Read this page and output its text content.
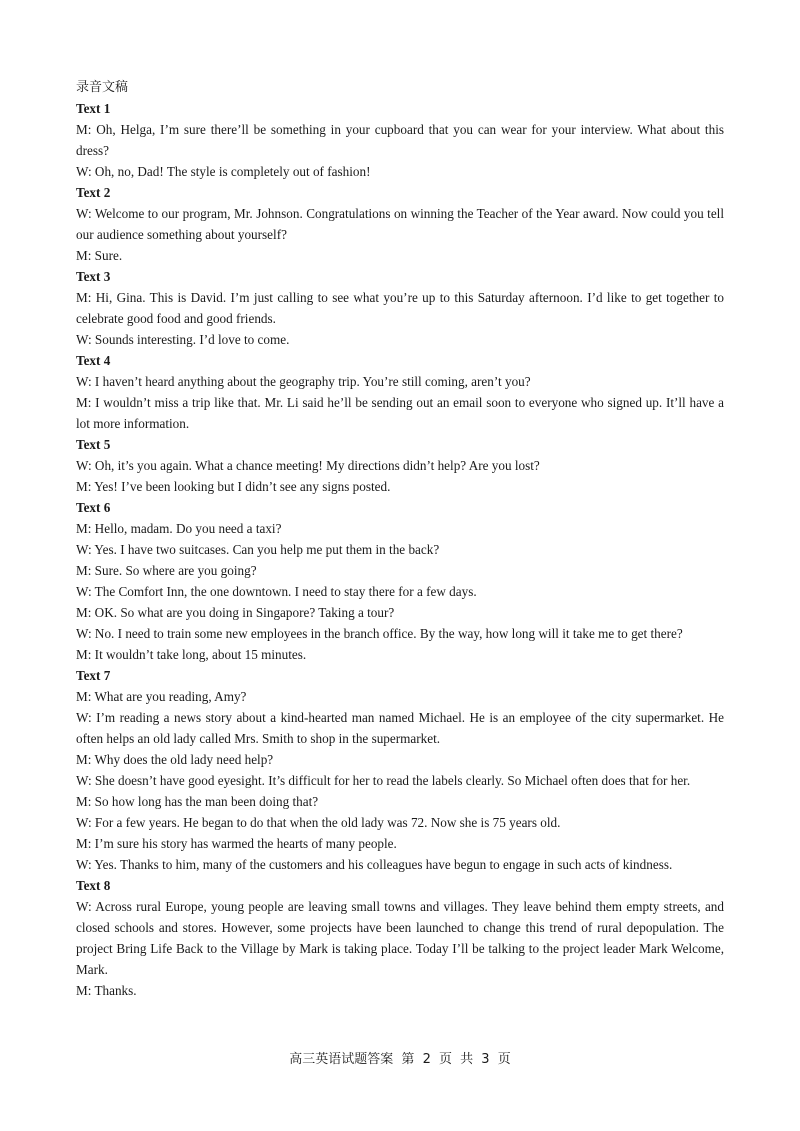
录音文稿

Text 1

M: Oh, Helga, I’m sure there’ll be something in your cupboard that you can wear for your interview. What about this dress?

W: Oh, no, Dad! The style is completely out of fashion!

Text 2

W: Welcome to our program, Mr. Johnson. Congratulations on winning the Teacher of the Year award. Now could you tell our audience something about yourself?

M: Sure.

Text 3

M: Hi, Gina. This is David. I’m just calling to see what you’re up to this Saturday afternoon. I’d like to get together to celebrate good food and good friends.

W: Sounds interesting. I’d love to come.

Text 4

W: I haven’t heard anything about the geography trip. You’re still coming, aren’t you?

M: I wouldn’t miss a trip like that. Mr. Li said he’ll be sending out an email soon to everyone who signed up. It’ll have a lot more information.

Text 5

W: Oh, it’s you again. What a chance meeting! My directions didn’t help? Are you lost?

M: Yes! I’ve been looking but I didn’t see any signs posted.

Text 6

M: Hello, madam. Do you need a taxi?

W: Yes. I have two suitcases. Can you help me put them in the back?

M: Sure. So where are you going?

W: The Comfort Inn, the one downtown. I need to stay there for a few days.

M: OK. So what are you doing in Singapore? Taking a tour?

W: No. I need to train some new employees in the branch office. By the way, how long will it take me to get there?

M: It wouldn’t take long, about 15 minutes.

Text 7

M: What are you reading, Amy?

W: I’m reading a news story about a kind-hearted man named Michael. He is an employee of the city supermarket. He often helps an old lady called Mrs. Smith to shop in the supermarket.

M: Why does the old lady need help?

W: She doesn’t have good eyesight. It’s difficult for her to read the labels clearly. So Michael often does that for her.

M: So how long has the man been doing that?

W: For a few years. He began to do that when the old lady was 72. Now she is 75 years old.

M: I’m sure his story has warmed the hearts of many people.

W: Yes. Thanks to him, many of the customers and his colleagues have begun to engage in such acts of kindness.

Text 8

W: Across rural Europe, young people are leaving small towns and villages. They leave behind them empty streets, and closed schools and stores. However, some projects have been launched to change this trend of rural depopulation. The project Bring Life Back to the Village by Mark is taking place. Today I’ll be talking to the project leader Mark Welcome, Mark.

M: Thanks.

高三英语试题答案 第 2 页 共 3 页
